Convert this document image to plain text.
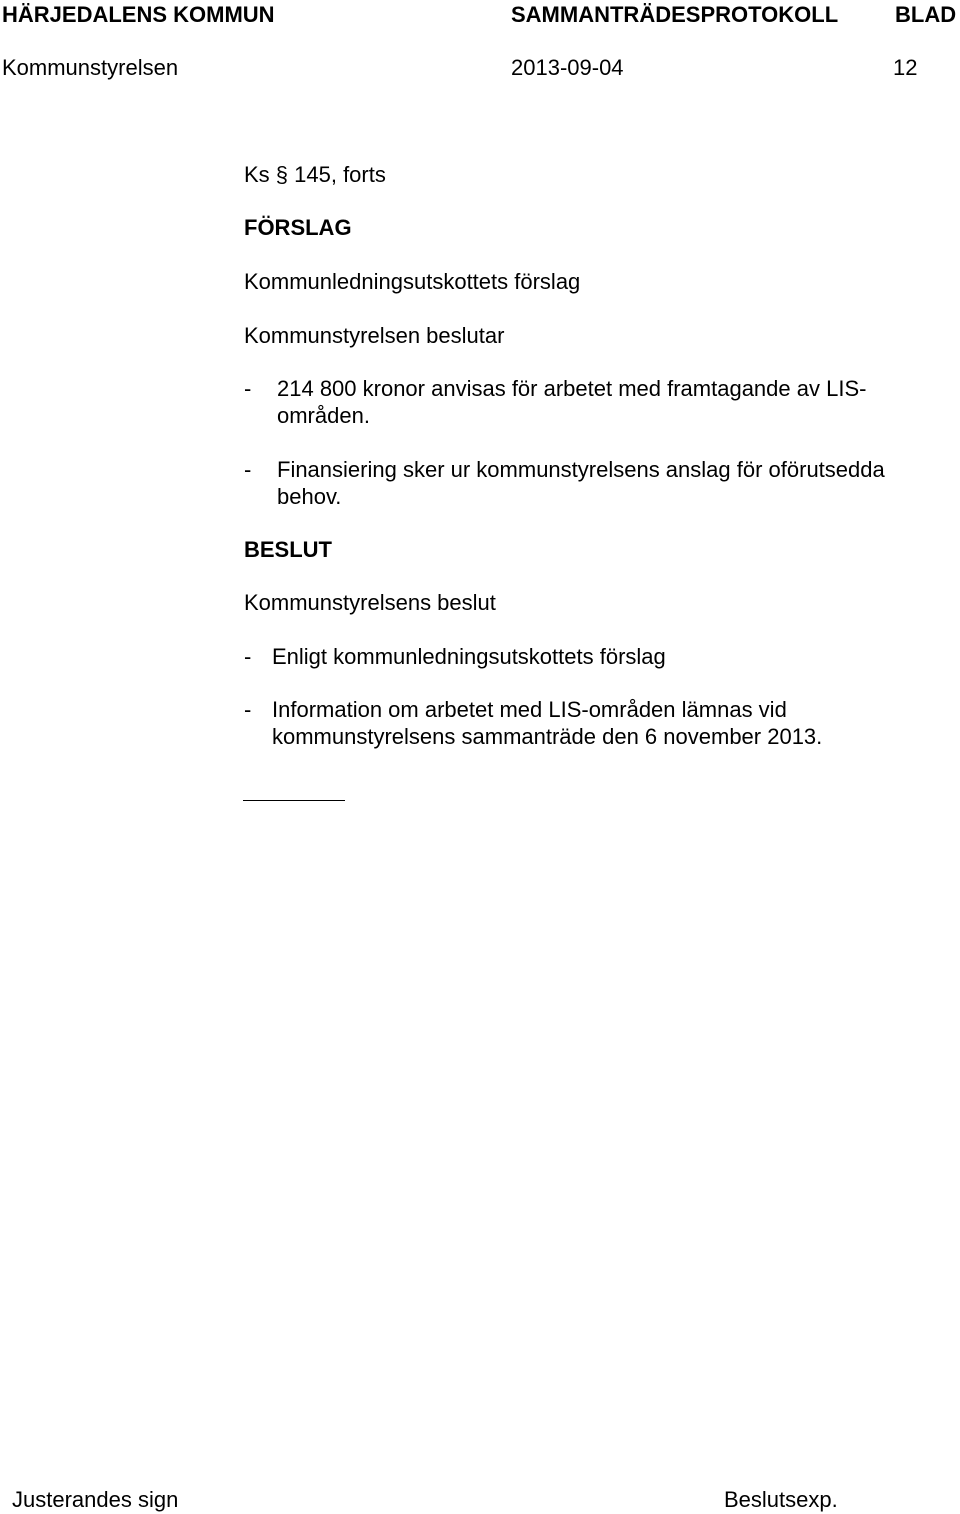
HÄRJEDALENS KOMMUN	SAMMANTRÄDESPROTOKOLL	BLAD
Kommunstyrelsen	2013-09-04	12
Ks § 145, forts
FÖRSLAG
Kommunledningsutskottets förslag
Kommunstyrelsen beslutar
- 214 800 kronor anvisas för arbetet med framtagande av LIS-
områden.
- Finansiering sker ur kommunstyrelsens anslag för oförutsedda
behov.
BESLUT
Kommunstyrelsens beslut
- Enligt kommunledningsutskottets förslag
- Information om arbetet med LIS-områden lämnas vid
kommunstyrelsens sammanträde den 6 november 2013.
Justerandes sign	Beslutsexp.
